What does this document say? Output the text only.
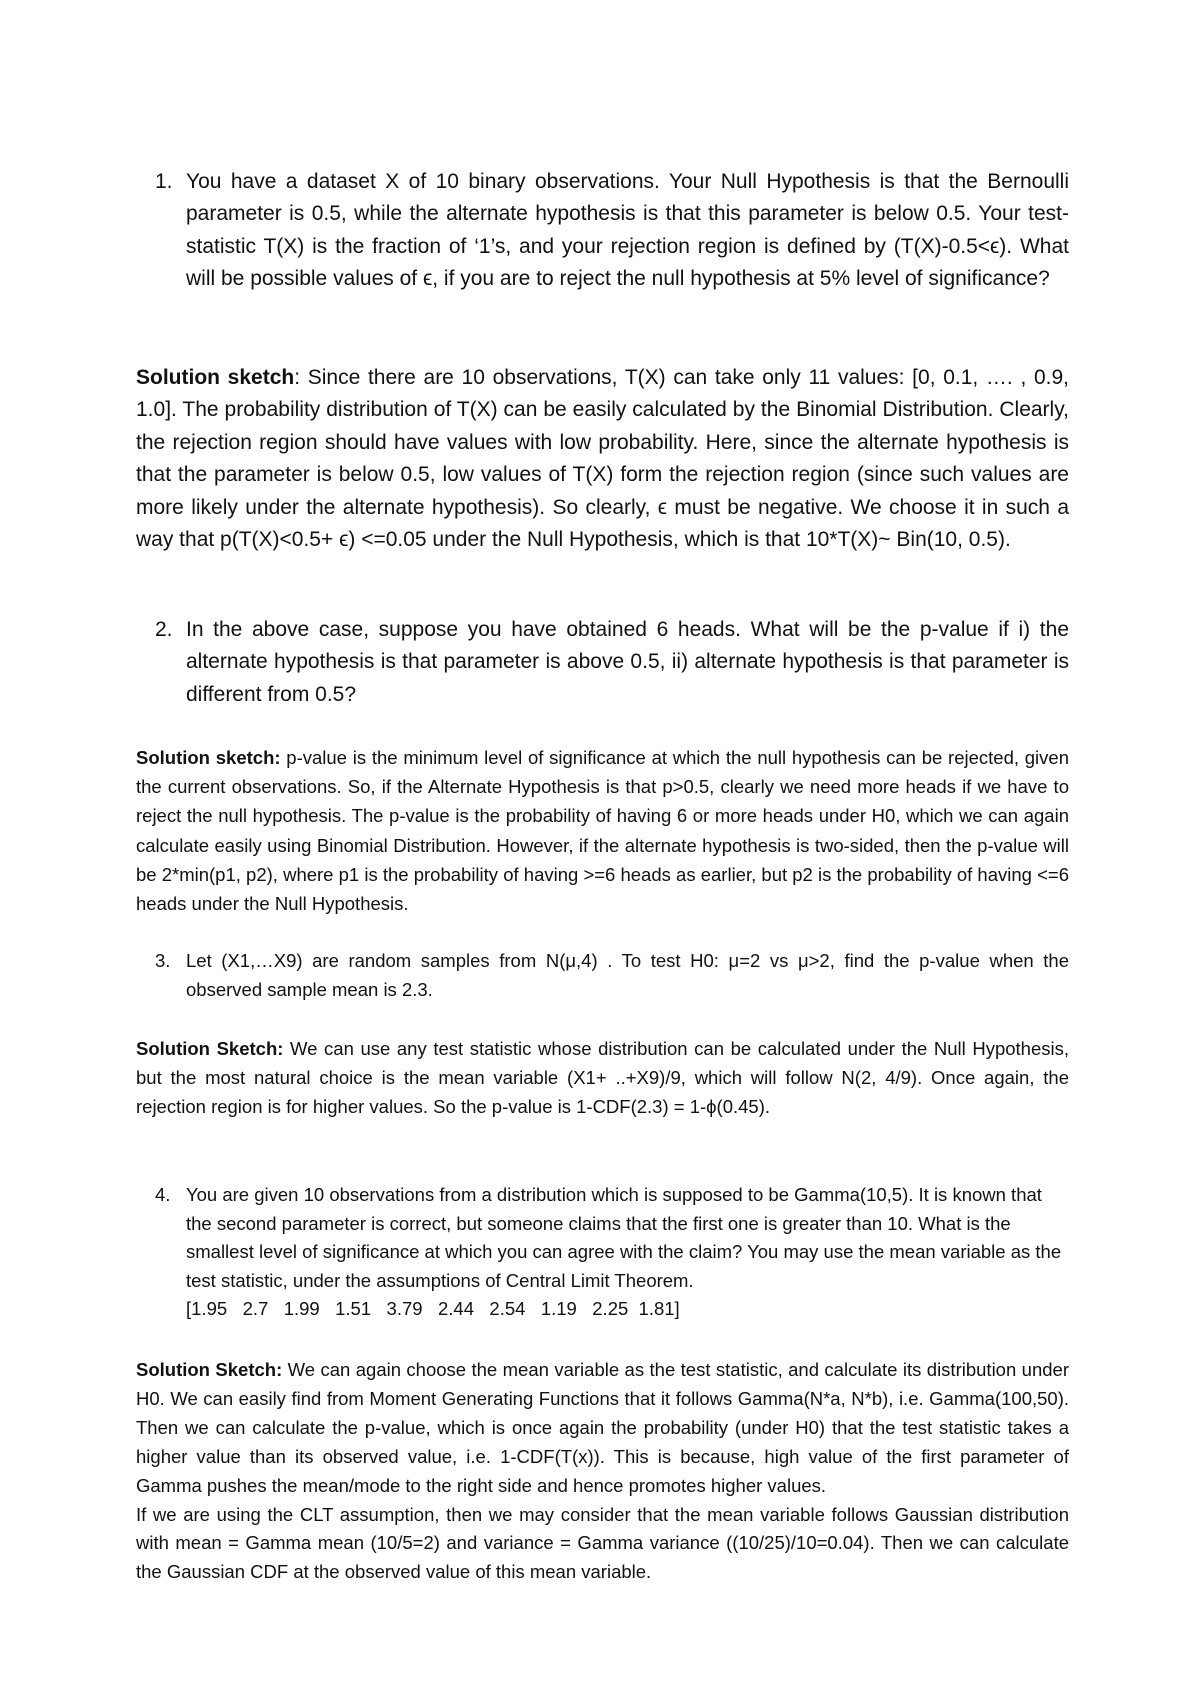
1. You have a dataset X of 10 binary observations. Your Null Hypothesis is that the Bernoulli parameter is 0.5, while the alternate hypothesis is that this parameter is below 0.5. Your test-statistic T(X) is the fraction of ‘1’s, and your rejection region is defined by (T(X)-0.5<ϵ). What will be possible values of ϵ, if you are to reject the null hypothesis at 5% level of significance?
Solution sketch: Since there are 10 observations, T(X) can take only 11 values: [0, 0.1, …. , 0.9, 1.0]. The probability distribution of T(X) can be easily calculated by the Binomial Distribution. Clearly, the rejection region should have values with low probability. Here, since the alternate hypothesis is that the parameter is below 0.5, low values of T(X) form the rejection region (since such values are more likely under the alternate hypothesis). So clearly, ϵ must be negative. We choose it in such a way that p(T(X)<0.5+ ϵ) <=0.05 under the Null Hypothesis, which is that 10*T(X)~ Bin(10, 0.5).
2. In the above case, suppose you have obtained 6 heads. What will be the p-value if i) the alternate hypothesis is that parameter is above 0.5, ii) alternate hypothesis is that parameter is different from 0.5?
Solution sketch: p-value is the minimum level of significance at which the null hypothesis can be rejected, given the current observations. So, if the Alternate Hypothesis is that p>0.5, clearly we need more heads if we have to reject the null hypothesis. The p-value is the probability of having 6 or more heads under H0, which we can again calculate easily using Binomial Distribution. However, if the alternate hypothesis is two-sided, then the p-value will be 2*min(p1, p2), where p1 is the probability of having >=6 heads as earlier, but p2 is the probability of having <=6 heads under the Null Hypothesis.
3. Let (X1,…X9) are random samples from N(μ,4) . To test H0: μ=2 vs μ>2, find the p-value when the observed sample mean is 2.3.
Solution Sketch: We can use any test statistic whose distribution can be calculated under the Null Hypothesis, but the most natural choice is the mean variable (X1+ ..+X9)/9, which will follow N(2, 4/9). Once again, the rejection region is for higher values. So the p-value is 1-CDF(2.3) = 1-ϕ(0.45).
4. You are given 10 observations from a distribution which is supposed to be Gamma(10,5). It is known that the second parameter is correct, but someone claims that the first one is greater than 10. What is the smallest level of significance at which you can agree with the claim? You may use the mean variable as the test statistic, under the assumptions of Central Limit Theorem.
[1.95   2.7   1.99   1.51   3.79   2.44   2.54   1.19   2.25  1.81]

Solution Sketch: We can again choose the mean variable as the test statistic, and calculate its distribution under H0. We can easily find from Moment Generating Functions that it follows Gamma(N*a, N*b), i.e. Gamma(100,50). Then we can calculate the p-value, which is once again the probability (under H0) that the test statistic takes a higher value than its observed value, i.e. 1-CDF(T(x)). This is because, high value of the first parameter of Gamma pushes the mean/mode to the right side and hence promotes higher values.

If we are using the CLT assumption, then we may consider that the mean variable follows Gaussian distribution with mean = Gamma mean (10/5=2) and variance = Gamma variance ((10/25)/10=0.04). Then we can calculate the Gaussian CDF at the observed value of this mean variable.
